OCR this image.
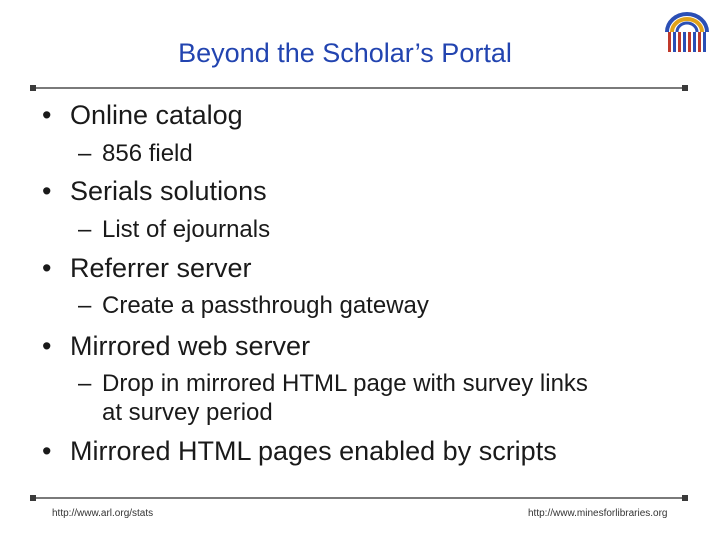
Beyond the Scholar’s Portal
• Online catalog
– 856 field
• Serials solutions
– List of ejournals
• Referrer server
– Create a passthrough gateway
• Mirrored web server
– Drop in mirrored HTML page with survey links
at survey period
• Mirrored HTML pages enabled by scripts
http://www.arl.org/stats	http://www.minesforlibraries.org
